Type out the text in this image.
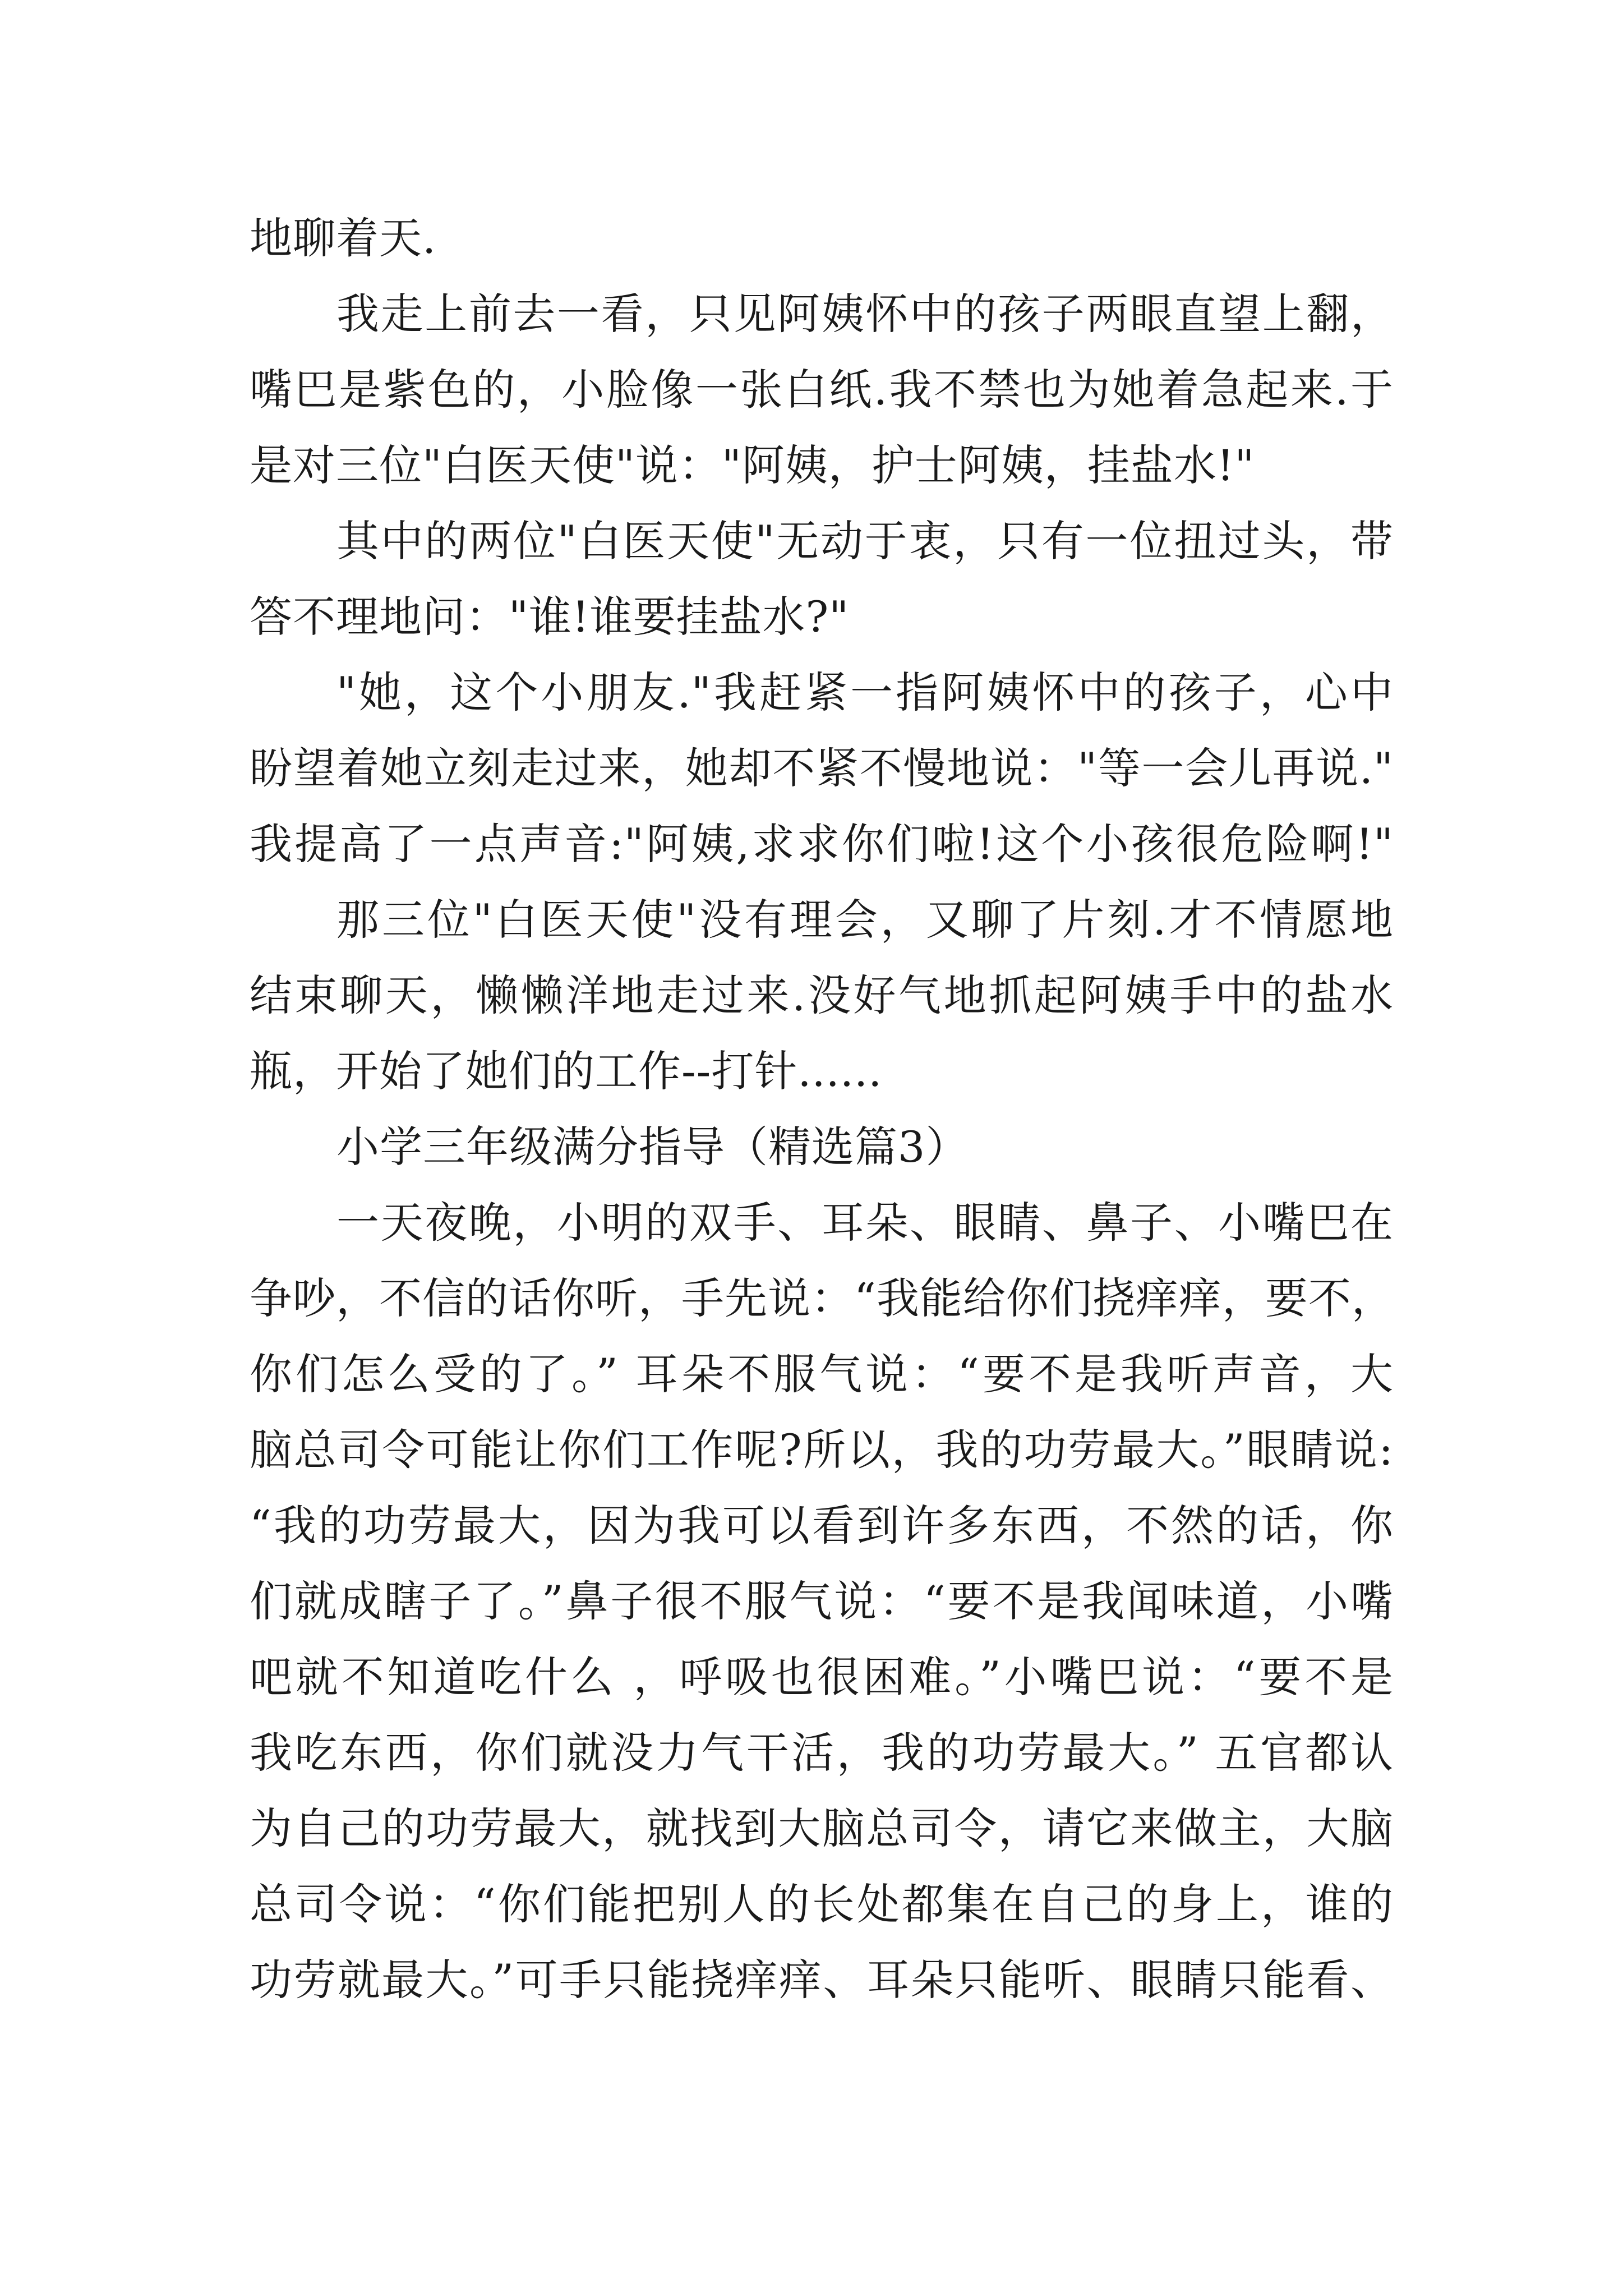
地聊着天.
我走上前去一看，只见阿姨怀中的孩子两眼直望上翻，
嘴巴是紫色的，小脸像一张白纸.我不禁也为她着急起来.于
是对三位"白医天使"说："阿姨，护士阿姨，挂盐水!"
其中的两位"白医天使"无动于衷，只有一位扭过头，带
答不理地问："谁!谁要挂盐水?"
"她，这个小朋友."我赶紧一指阿姨怀中的孩子，心中
盼望着她立刻走过来，她却不紧不慢地说："等一会儿再说."
我提高了一点声音:"阿姨,求求你们啦!这个小孩很危险啊!"
那三位"白医天使"没有理会，又聊了片刻.才不情愿地
结束聊天，懒懒洋地走过来.没好气地抓起阿姨手中的盐水
瓶，开始了她们的工作--打针......
小学三年级满分指导（精选篇3）
一天夜晚，小明的双手、耳朵、眼睛、鼻子、小嘴巴在
争吵，不信的话你听，手先说：“我能给你们挠痒痒，要不，
你们怎么受的了。” 耳朵不服气说：“要不是我听声音，大
脑总司令可能让你们工作呢?所以，我的功劳最大。”眼睛说:
“我的功劳最大，因为我可以看到许多东西，不然的话，你
们就成瞎子了。”鼻子很不服气说：“要不是我闻味道，小嘴
吧就不知道吃什么 ，呼吸也很困难。”小嘴巴说：“要不是
我吃东西，你们就没力气干活，我的功劳最大。” 五官都认
为自己的功劳最大，就找到大脑总司令，请它来做主，大脑
总司令说：“你们能把别人的长处都集在自己的身上，谁的
功劳就最大。”可手只能挠痒痒、耳朵只能听、眼睛只能看、
